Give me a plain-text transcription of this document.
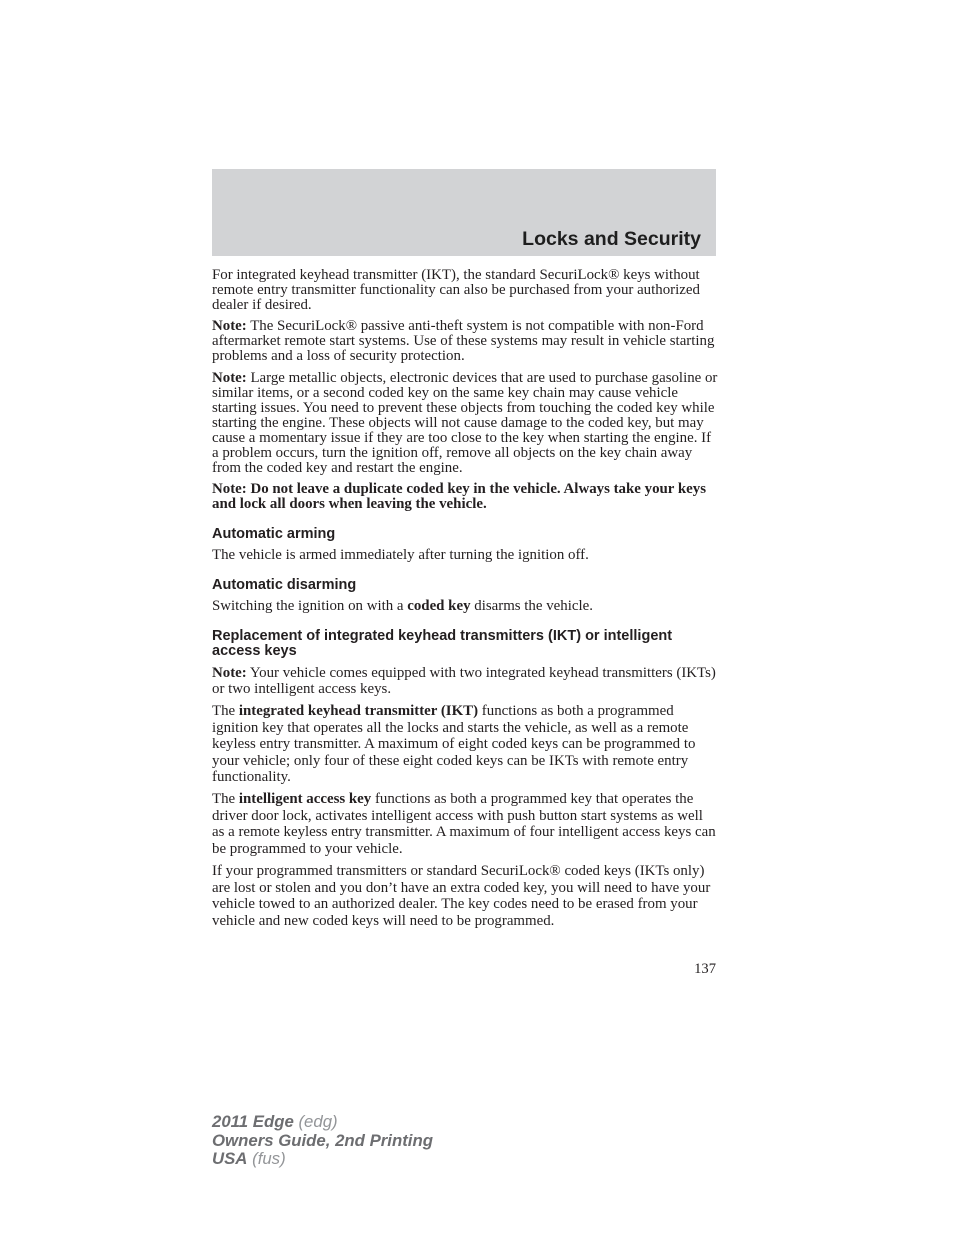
Locks and Security

For integrated keyhead transmitter (IKT), the standard SecuriLock® keys without remote entry transmitter functionality can also be purchased from your authorized dealer if desired.

Note: The SecuriLock® passive anti-theft system is not compatible with non-Ford aftermarket remote start systems. Use of these systems may result in vehicle starting problems and a loss of security protection.

Note: Large metallic objects, electronic devices that are used to purchase gasoline or similar items, or a second coded key on the same key chain may cause vehicle starting issues. You need to prevent these objects from touching the coded key while starting the engine. These objects will not cause damage to the coded key, but may cause a momentary issue if they are too close to the key when starting the engine. If a problem occurs, turn the ignition off, remove all objects on the key chain away from the coded key and restart the engine.

Note: Do not leave a duplicate coded key in the vehicle. Always take your keys and lock all doors when leaving the vehicle.

Automatic arming

The vehicle is armed immediately after turning the ignition off.

Automatic disarming

Switching the ignition on with a coded key disarms the vehicle.

Replacement of integrated keyhead transmitters (IKT) or intelligent access keys

Note: Your vehicle comes equipped with two integrated keyhead transmitters (IKTs) or two intelligent access keys.

The integrated keyhead transmitter (IKT) functions as both a programmed ignition key that operates all the locks and starts the vehicle, as well as a remote keyless entry transmitter. A maximum of eight coded keys can be programmed to your vehicle; only four of these eight coded keys can be IKTs with remote entry functionality.

The intelligent access key functions as both a programmed key that operates the driver door lock, activates intelligent access with push button start systems as well as a remote keyless entry transmitter. A maximum of four intelligent access keys can be programmed to your vehicle.

If your programmed transmitters or standard SecuriLock® coded keys (IKTs only) are lost or stolen and you don’t have an extra coded key, you will need to have your vehicle towed to an authorized dealer. The key codes need to be erased from your vehicle and new coded keys will need to be programmed.

137
2011 Edge (edg)
Owners Guide, 2nd Printing
USA (fus)
